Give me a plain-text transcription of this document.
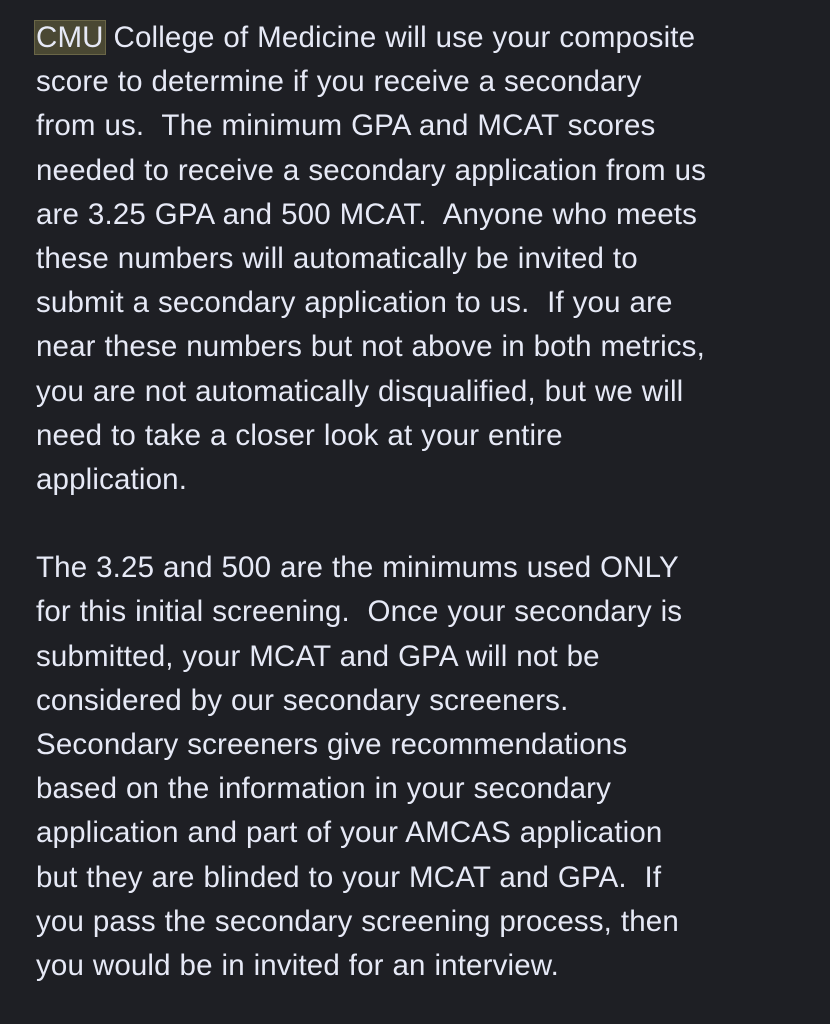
CMU College of Medicine will use your composite
score to determine if you receive a secondary
from us.  The minimum GPA and MCAT scores
needed to receive a secondary application from us
are 3.25 GPA and 500 MCAT.  Anyone who meets
these numbers will automatically be invited to
submit a secondary application to us.  If you are
near these numbers but not above in both metrics,
you are not automatically disqualified, but we will
need to take a closer look at your entire
application.
The 3.25 and 500 are the minimums used ONLY
for this initial screening.  Once your secondary is
submitted, your MCAT and GPA will not be
considered by our secondary screeners.
Secondary screeners give recommendations
based on the information in your secondary
application and part of your AMCAS application
but they are blinded to your MCAT and GPA.  If
you pass the secondary screening process, then
you would be in invited for an interview.
